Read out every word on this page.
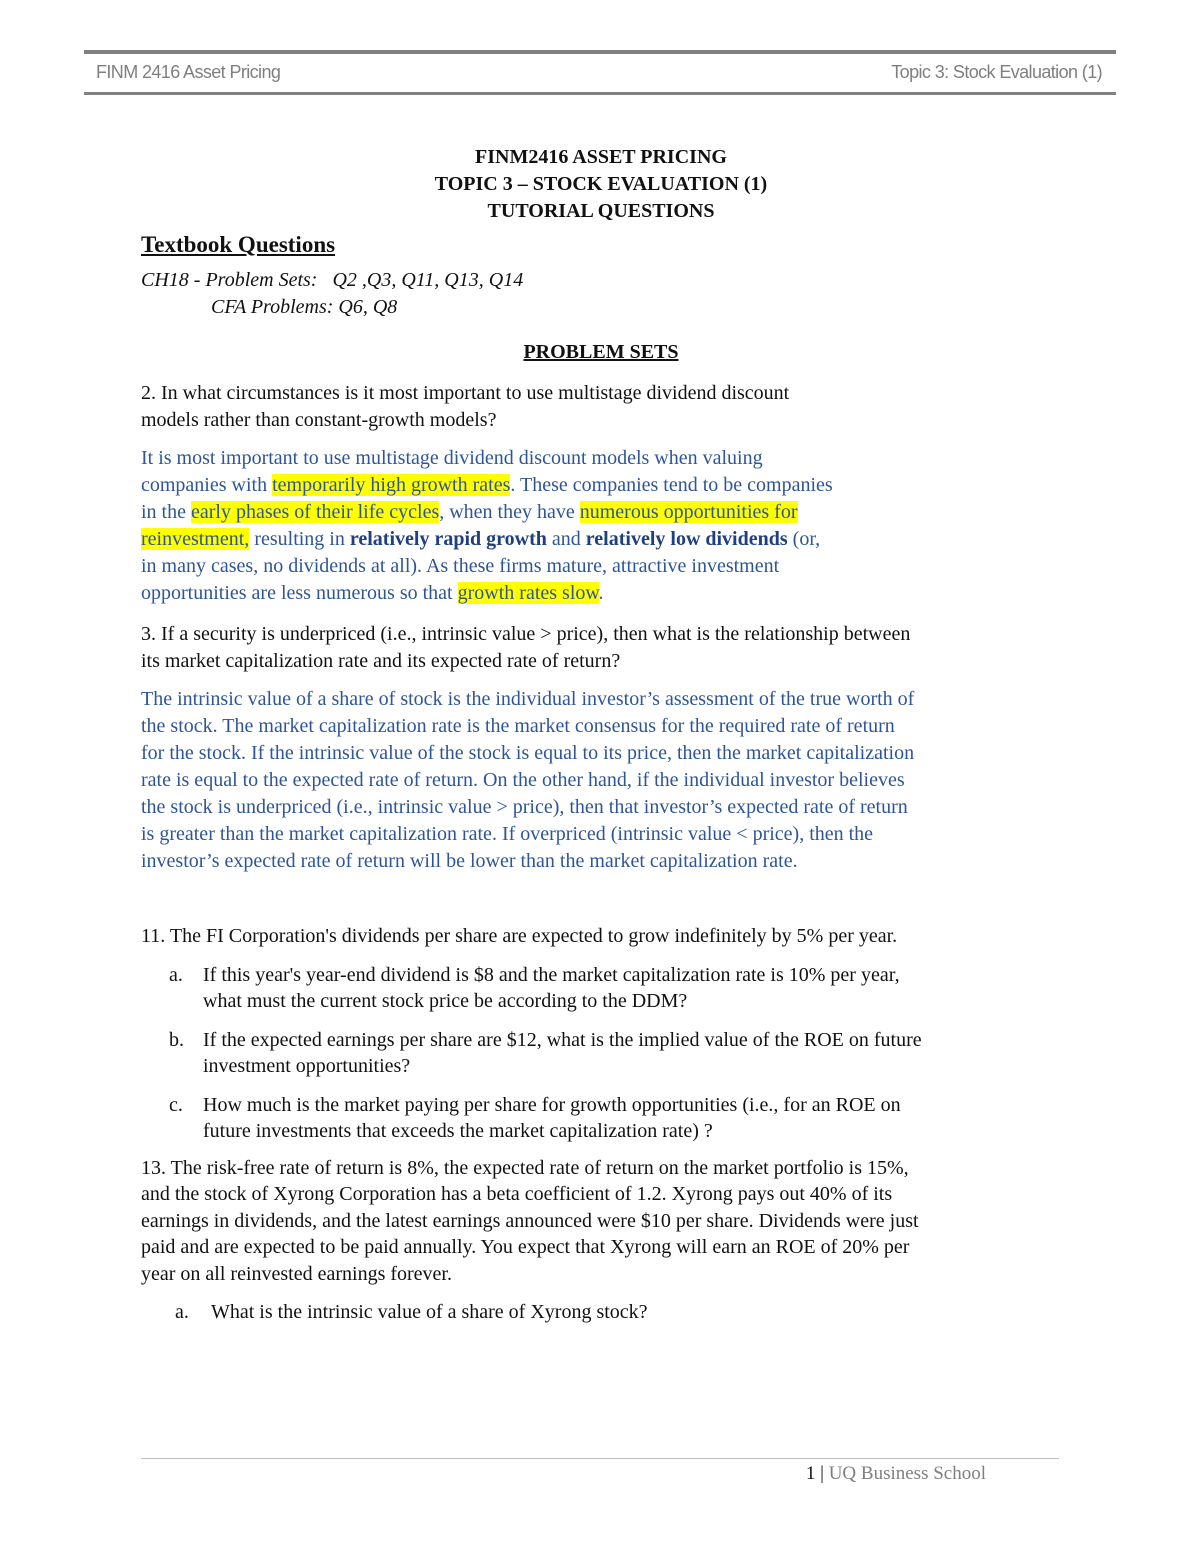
FINM 2416 Asset Pricing	Topic 3: Stock Evaluation (1)
FINM2416 ASSET PRICING
TOPIC 3 – STOCK EVALUATION (1)
TUTORIAL QUESTIONS
Textbook Questions
CH18 - Problem Sets:   Q2 ,Q3, Q11, Q13, Q14
CFA Problems: Q6, Q8
PROBLEM SETS
2. In what circumstances is it most important to use multistage dividend discount
models rather than constant-growth models?
It is most important to use multistage dividend discount models when valuing
companies with temporarily high growth rates. These companies tend to be companies
in the early phases of their life cycles, when they have numerous opportunities for
reinvestment, resulting in relatively rapid growth and relatively low dividends (or,
in many cases, no dividends at all). As these firms mature, attractive investment
opportunities are less numerous so that growth rates slow.
3. If a security is underpriced (i.e., intrinsic value > price), then what is the relationship between
its market capitalization rate and its expected rate of return?
The intrinsic value of a share of stock is the individual investor’s assessment of the true worth of
the stock. The market capitalization rate is the market consensus for the required rate of return
for the stock. If the intrinsic value of the stock is equal to its price, then the market capitalization
rate is equal to the expected rate of return. On the other hand, if the individual investor believes
the stock is underpriced (i.e., intrinsic value > price), then that investor’s expected rate of return
is greater than the market capitalization rate. If overpriced (intrinsic value < price), then the
investor’s expected rate of return will be lower than the market capitalization rate.
11. The FI Corporation's dividends per share are expected to grow indefinitely by 5% per year.
a.	If this year's year-end dividend is $8 and the market capitalization rate is 10% per year,
what must the current stock price be according to the DDM?
b. If the expected earnings per share are $12, what is the implied value of the ROE on future
investment opportunities?
c.	How much is the market paying per share for growth opportunities (i.e., for an ROE on
future investments that exceeds the market capitalization rate) ?
13. The risk-free rate of return is 8%, the expected rate of return on the market portfolio is 15%,
and the stock of Xyrong Corporation has a beta coefficient of 1.2. Xyrong pays out 40% of its
earnings in dividends, and the latest earnings announced were $10 per share. Dividends were just
paid and are expected to be paid annually. You expect that Xyrong will earn an ROE of 20% per
year on all reinvested earnings forever.
a.	What is the intrinsic value of a share of Xyrong stock?
1 | UQ Business School
